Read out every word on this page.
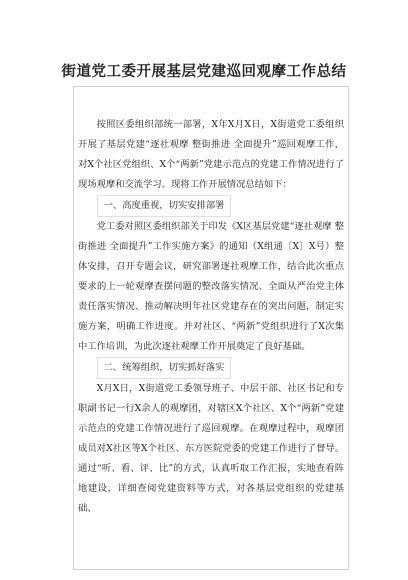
街道党工委开展基层党建巡回观摩工作总结

按照区委组织部统一部署，X年X月X日，X街道党工委组织开展了基层党建“逐社观摩 整街推进 全面提升”巡回观摩工作，对X个社区党组织、X个“两新”党建示范点的党建工作情况进行了现场观摩和交流学习。现将工作开展情况总结如下：

一、高度重视，切实安排部署

党工委对照区委组织部关于印发《X区基层党建“逐社观摩 整街推进 全面提升”工作实施方案》的通知（X组通〔X〕X号）整体安排，召开专题会议，研究部署逐社观摩工作，结合此次重点要求的上一轮观摩查摆问题的整改落实情况、全面从严治党主体责任落实情况、推动解决明年社区党建存在的突出问题，制定实施方案，明确工作进度。并对社区、“两新”党组织进行了X次集中工作培训，为此次逐社观摩工作开展奠定了良好基础。

二、统筹组织，切实抓好落实

X月X日，X街道党工委领导班子、中层干部、社区书记和专职副书记一行X余人的观摩团，对辖区X个社区、X个“两新”党建示范点的党建工作情况进行了巡回观摩。在观摩过程中，观摩团成员对X社区等X个社区、东方医院党委的党建工作进行了督导。通过“听、看、评、比”的方式，认真听取工作汇报，实地查看阵地建设，详细查阅党建资料等方式，对各基层党组织的党建基础、
